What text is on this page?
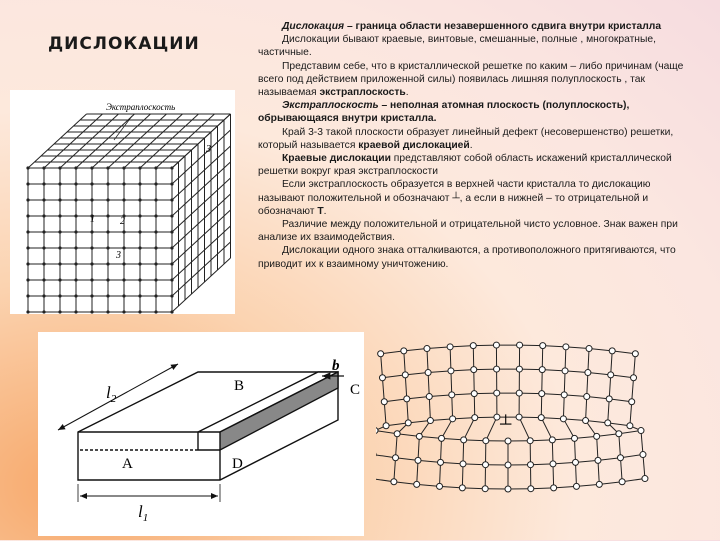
ДИСЛОКАЦИИ

Дислокация – граница области незавершенного сдвига внутри кристалла

Дислокации бывают краевые, винтовые, смешанные, полные , многократные, частичные.

Представим себе, что в кристаллической решетке по каким – либо причинам (чаще всего под действием приложенной силы) появилась лишняя полуплоскость , так называемая экстраплоскость.

Экстраплоскость – неполная атомная плоскость (полуплоскость), обрывающаяся внутри кристалла.

Край 3-3 такой плоскости образует линейный дефект (несовершенство) решетки, который называется краевой дислокацией.

Краевые дислокации представляют собой область искажений кристаллической решетки вокруг края экстраплоскости

Если экстраплоскость образуется в верхней части кристалла то дислокацию называют положительной и обозначают ┴, а если в нижней – то отрицательной и обозначают Т.

Различие между положительной и отрицательной чисто условное. Знак важен при анализе их взаимодействия.

Дислокации одного знака отталкиваются, а противоположного притягиваются, что приводит их к взаимному уничтожению.

Экстраплоскость
1	2
3
3
$l_2$
$l_1$
A
B	C
D
b
┴
